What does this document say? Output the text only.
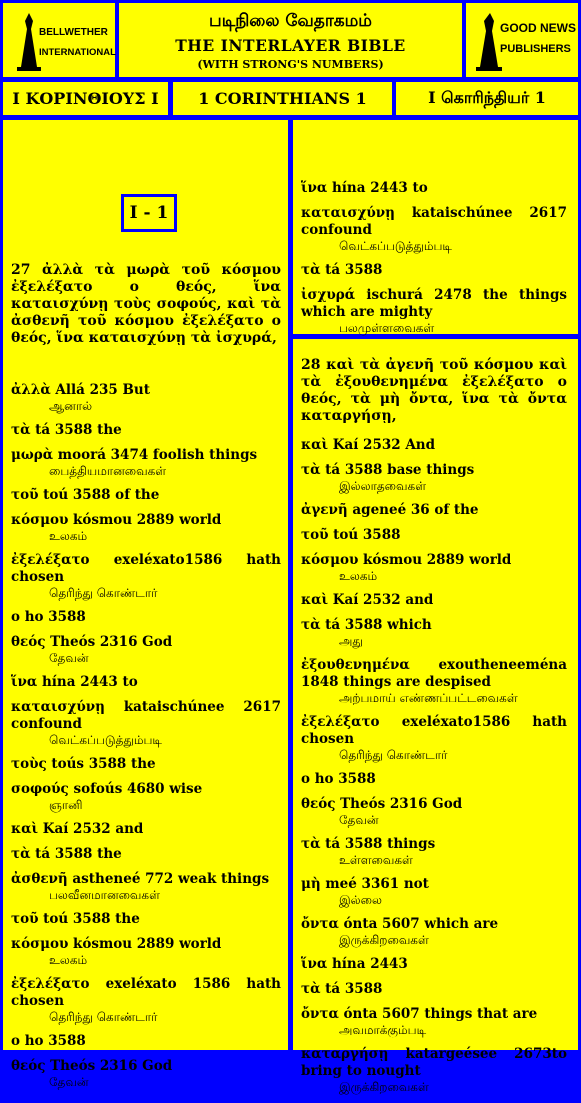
BELLWETHER
INTERNATIONAL
GOOD NEWS
PUBLISHERS
படிநிலை வேதாகமம்
THE INTERLAYER BIBLE
(WITH STRONG'S NUMBERS)
Ι ΚΟΡΙΝΘΙΟΥΣ Ι	1 CORINTHIANS 1	I கொரிந்தியர் 1
I - 1
27 ἀλλὰ τὰ μωρὰ τοῦ κόσμου ἐξελέξατο ο θεός, ἵνα καταισχύνῃ τοὺς σοφούς, καὶ τὰ ἀσθενῆ τοῦ κόσμου ἐξελέξατο ο θεός, ἵνα καταισχύνῃ τὰ ἰσχυρά,
ἀλλὰ Allá 235 But
ஆனால்
τὰ tá 3588 the
μωρὰ moorá 3474 foolish things
பைத்தியமானவைகள்
τοῦ toú 3588 of the
κόσμου kósmou 2889 world
உலகம்
ἐξελέξατο exeléxato1586 hath chosen
தெரிந்து கொண்டார்
ο ho 3588
θεός Theós 2316 God
தேவன்
ἵνα hína 2443 to
καταισχύνῃ kataischúnee 2617 confound
வெட்கப்படுத்தும்படி
τοὺς toús 3588 the
σοφούς sofoús 4680 wise
ஞானி
καὶ Kaí 2532 and
τὰ tá 3588 the
ἀσθενῆ astheneé 772 weak things
பலவீனமானவைகள்
τοῦ toú 3588 the
κόσμου kósmou 2889 world
உலகம்
ἐξελέξατο exeléxato 1586 hath chosen
தெரிந்து கொண்டார்
ο ho 3588
θεός Theós 2316 God
தேவன்
ἵνα hína 2443 to
καταισχύνῃ kataischúnee 2617 confound
வெட்கப்படுத்தும்படி
τὰ tá 3588
ἰσχυρά ischurá 2478 the things which are mighty
பலமுள்ளவைகள்
28 καὶ τὰ ἀγενῆ τοῦ κόσμου καὶ τὰ ἐξουθενημένα ἐξελέξατο ο θεός, τὰ μὴ ὄντα, ἵνα τὰ ὄντα καταργήσῃ,
καὶ Kaí 2532 And
τὰ tá 3588 base things
இல்லாதவைகள்
ἀγενῆ ageneé 36 of the
τοῦ toú 3588
κόσμου kósmou 2889 world
உலகம்
καὶ Kaí 2532 and
τὰ tá 3588 which
அது
ἐξουθενημένα exoutheneeména 1848 things are despised
அற்பமாய் எண்ணப்பட்டவைகள்
ἐξελέξατο exeléxato1586 hath chosen
தெரிந்து கொண்டார்
ο ho 3588
θεός Theós 2316 God
தேவன்
τὰ tá 3588 things
உள்ளவைகள்
μὴ meé 3361 not
இல்லை
ὄντα ónta 5607 which are
இருக்கிறவைகள்
ἵνα hína 2443
τὰ tá 3588
ὄντα ónta 5607 things that are
அவமாக்கும்படி
καταργήσῃ katargeésee 2673to bring to nought
இருக்கிறவைகள்
